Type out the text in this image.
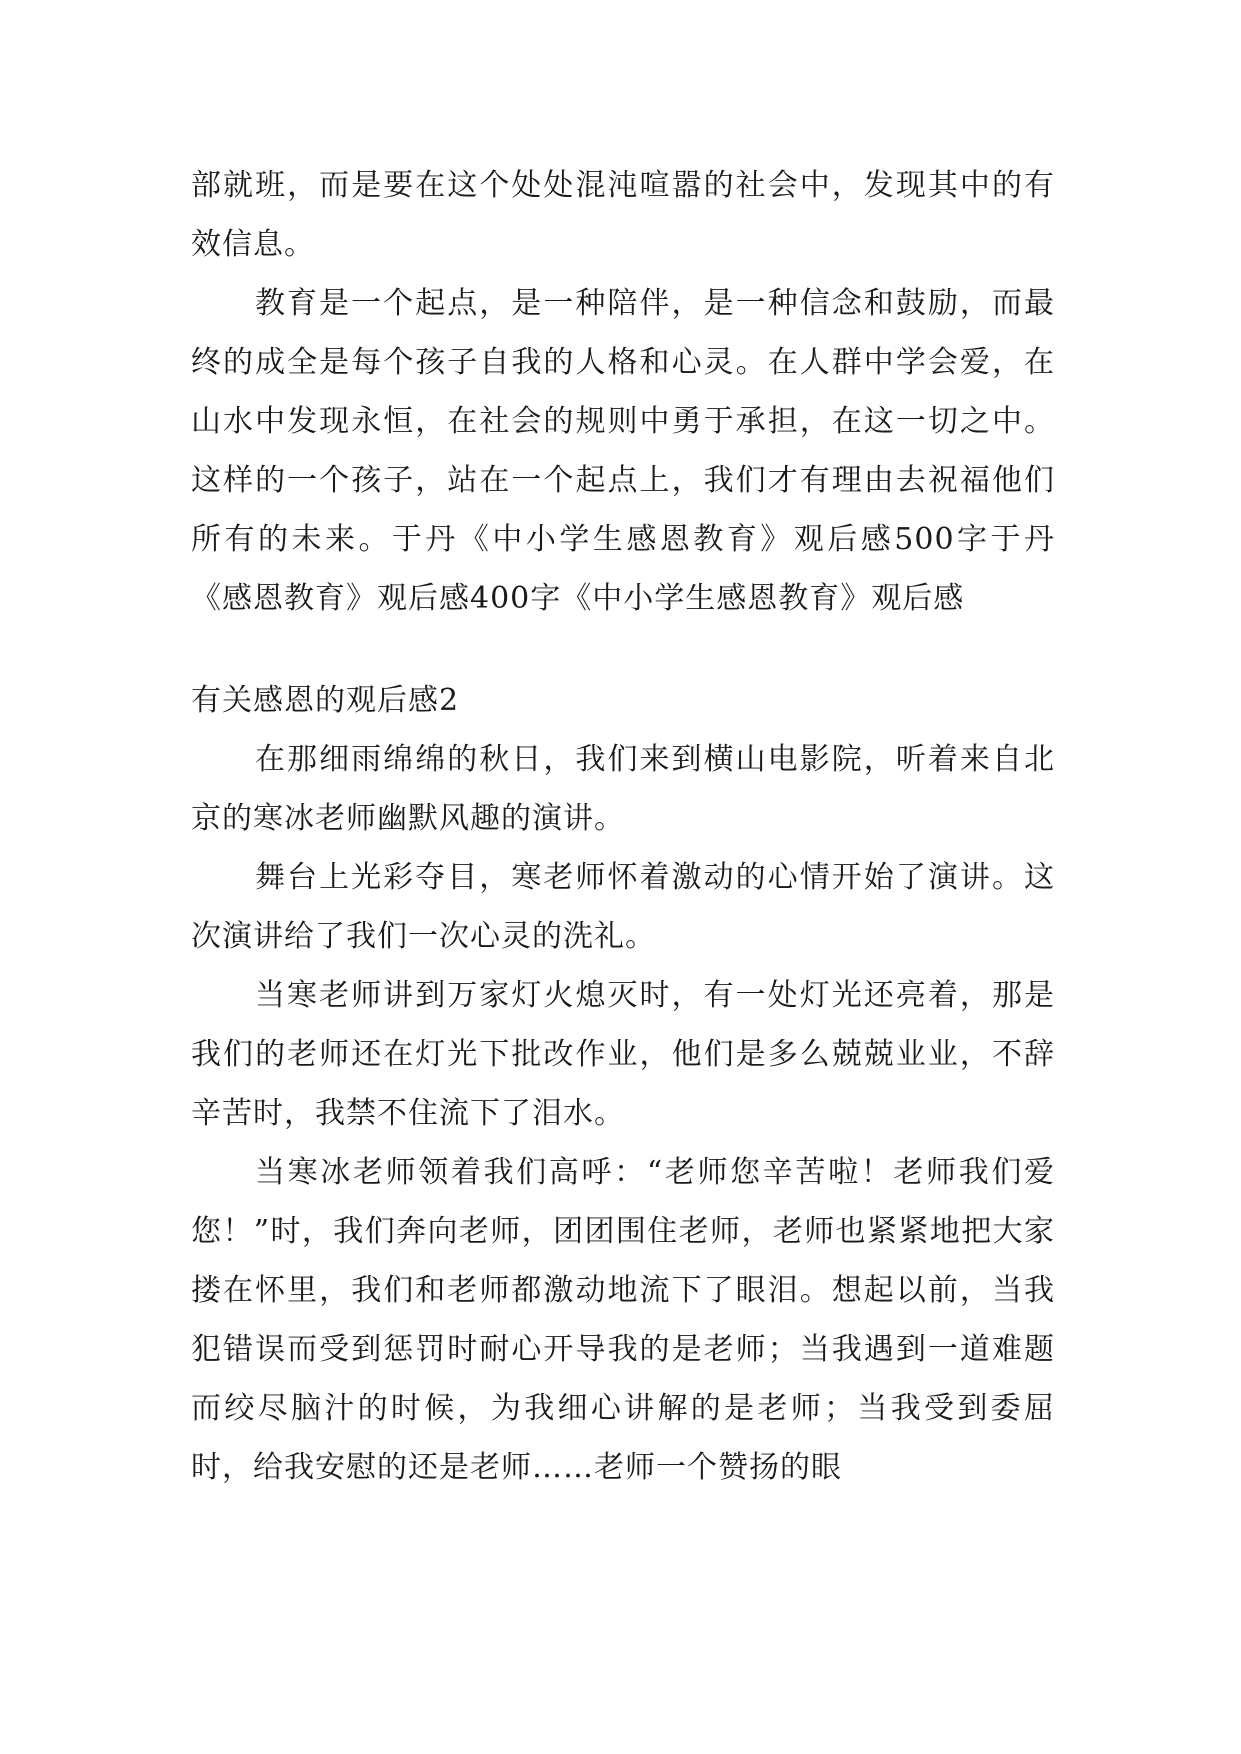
部就班，而是要在这个处处混沌喧嚣的社会中，发现其中的有效信息。

教育是一个起点，是一种陪伴，是一种信念和鼓励，而最终的成全是每个孩子自我的人格和心灵。在人群中学会爱，在山水中发现永恒，在社会的规则中勇于承担，在这一切之中。这样的一个孩子，站在一个起点上，我们才有理由去祝福他们所有的未来。于丹《中小学生感恩教育》观后感500字于丹《感恩教育》观后感400字《中小学生感恩教育》观后感

有关感恩的观后感2

在那细雨绵绵的秋日，我们来到横山电影院，听着来自北京的寒冰老师幽默风趣的演讲。

舞台上光彩夺目，寒老师怀着激动的心情开始了演讲。这次演讲给了我们一次心灵的洗礼。

当寒老师讲到万家灯火熄灭时，有一处灯光还亮着，那是我们的老师还在灯光下批改作业，他们是多么兢兢业业，不辞辛苦时，我禁不住流下了泪水。

当寒冰老师领着我们高呼：“老师您辛苦啦！老师我们爱您！”时，我们奔向老师，团团围住老师，老师也紧紧地把大家搂在怀里，我们和老师都激动地流下了眼泪。想起以前，当我犯错误而受到惩罚时耐心开导我的是老师；当我遇到一道难题而绞尽脑汁的时候，为我细心讲解的是老师；当我受到委屈时，给我安慰的还是老师……老师一个赞扬的眼
